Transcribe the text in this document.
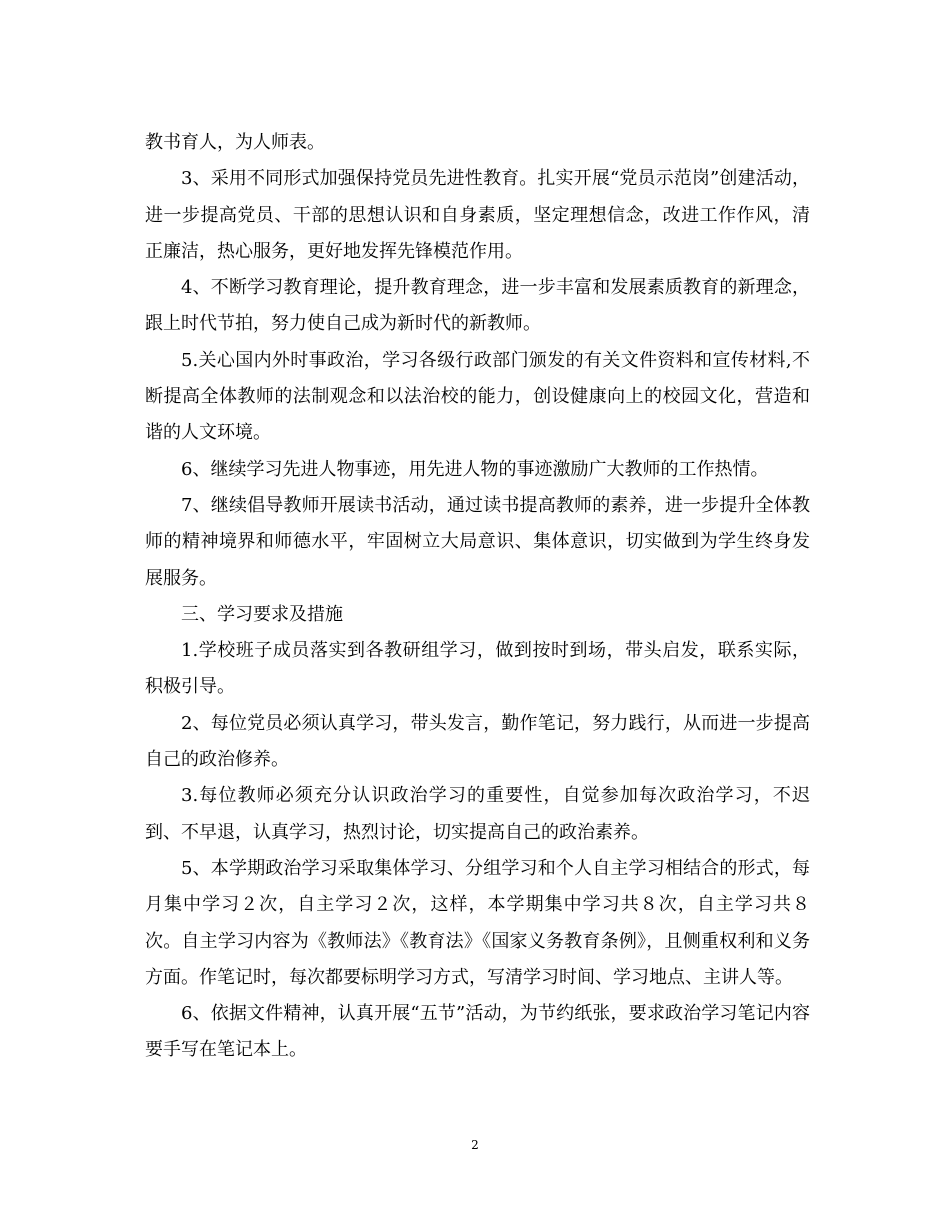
教书育人，为人师表。

3、采用不同形式加强保持党员先进性教育。扎实开展“党员示范岗”创建活动，进一步提高党员、干部的思想认识和自身素质，坚定理想信念，改进工作作风，清正廉洁，热心服务，更好地发挥先锋模范作用。

4、不断学习教育理论，提升教育理念，进一步丰富和发展素质教育的新理念，跟上时代节拍，努力使自己成为新时代的新教师。

5.关心国内外时事政治，学习各级行政部门颁发的有关文件资料和宣传材料,不断提高全体教师的法制观念和以法治校的能力，创设健康向上的校园文化，营造和谐的人文环境。

6、继续学习先进人物事迹，用先进人物的事迹激励广大教师的工作热情。

7、继续倡导教师开展读书活动，通过读书提高教师的素养，进一步提升全体教师的精神境界和师德水平，牢固树立大局意识、集体意识，切实做到为学生终身发展服务。

三、学习要求及措施

1.学校班子成员落实到各教研组学习，做到按时到场，带头启发，联系实际，积极引导。

2、每位党员必须认真学习，带头发言，勤作笔记，努力践行，从而进一步提高自己的政治修养。

3.每位教师必须充分认识政治学习的重要性，自觉参加每次政治学习，不迟到、不早退，认真学习，热烈讨论，切实提高自己的政治素养。

5、本学期政治学习采取集体学习、分组学习和个人自主学习相结合的形式，每月集中学习２次，自主学习２次，这样，本学期集中学习共８次，自主学习共８次。自主学习内容为《教师法》《教育法》《国家义务教育条例》，且侧重权利和义务方面。作笔记时，每次都要标明学习方式，写清学习时间、学习地点、主讲人等。

6、依据文件精神，认真开展“五节”活动，为节约纸张，要求政治学习笔记内容要手写在笔记本上。

2
